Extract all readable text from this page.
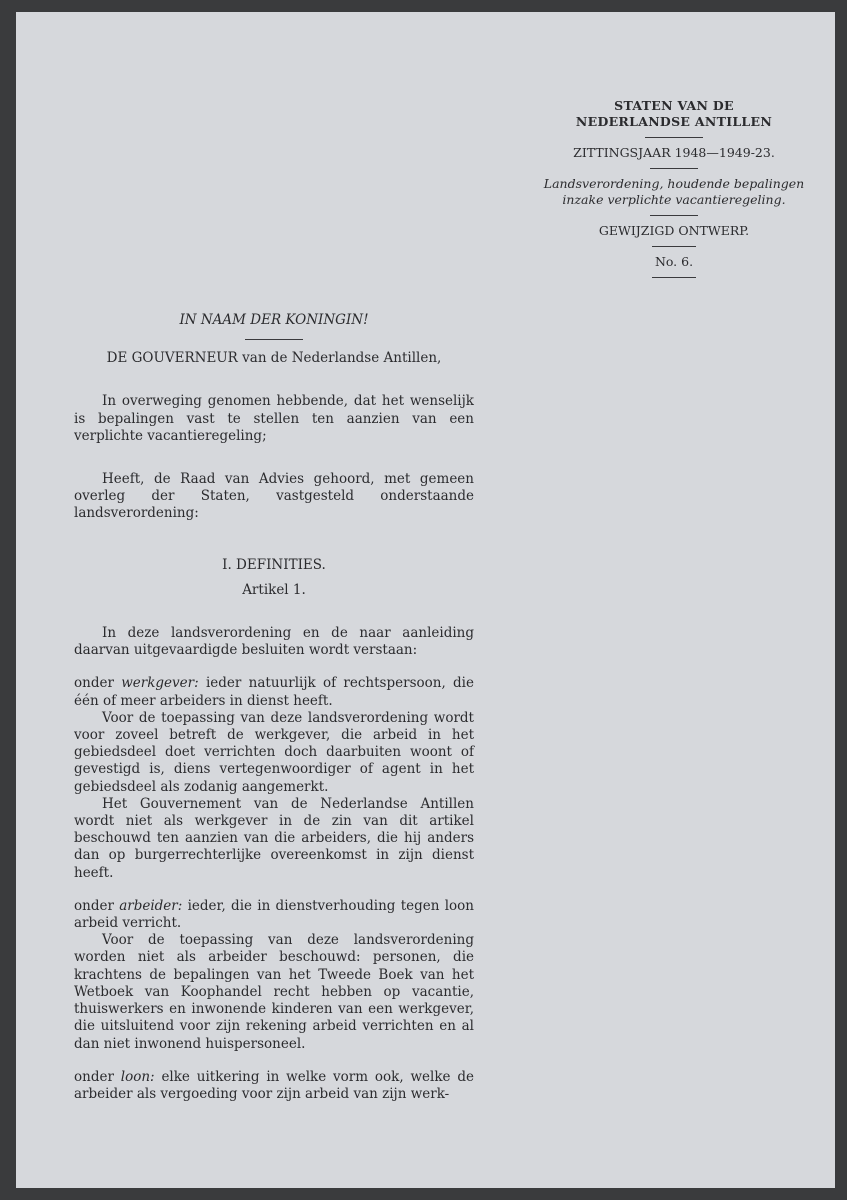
STATEN VAN DE
NEDERLANDSE ANTILLEN
ZITTINGSJAAR 1948—1949-23.
Landsverordening, houdende bepalingen
inzake verplichte vacantieregeling.
GEWIJZIGD ONTWERP.
No. 6.
IN NAAM DER KONINGIN!
DE GOUVERNEUR van de Nederlandse Antillen,

In overweging genomen hebbende, dat het wenselijk is bepalingen vast te stellen ten aanzien van een verplichte vacantieregeling;

Heeft, de Raad van Advies gehoord, met gemeen overleg der Staten, vastgesteld onderstaande landsverordening:

I. DEFINITIES.
Artikel 1.

In deze landsverordening en de naar aanleiding daarvan uitgevaardigde besluiten wordt verstaan:

onder werkgever: ieder natuurlijk of rechtspersoon, die één of meer arbeiders in dienst heeft.

Voor de toepassing van deze landsverordening wordt voor zoveel betreft de werkgever, die arbeid in het gebiedsdeel doet verrichten doch daarbuiten woont of gevestigd is, diens vertegenwoordiger of agent in het gebiedsdeel als zodanig aangemerkt.

Het Gouvernement van de Nederlandse Antillen wordt niet als werkgever in de zin van dit artikel beschouwd ten aanzien van die arbeiders, die hij anders dan op burgerrechterlijke overeenkomst in zijn dienst heeft.

onder arbeider: ieder, die in dienstverhouding tegen loon arbeid verricht.

Voor de toepassing van deze landsverordening worden niet als arbeider beschouwd: personen, die krachtens de bepalingen van het Tweede Boek van het Wetboek van Koophandel recht hebben op vacantie, thuiswerkers en inwonende kinderen van een werkgever, die uitsluitend voor zijn rekening arbeid verrichten en al dan niet inwonend huispersoneel.

onder loon: elke uitkering in welke vorm ook, welke de arbeider als vergoeding voor zijn arbeid van zijn werk-
